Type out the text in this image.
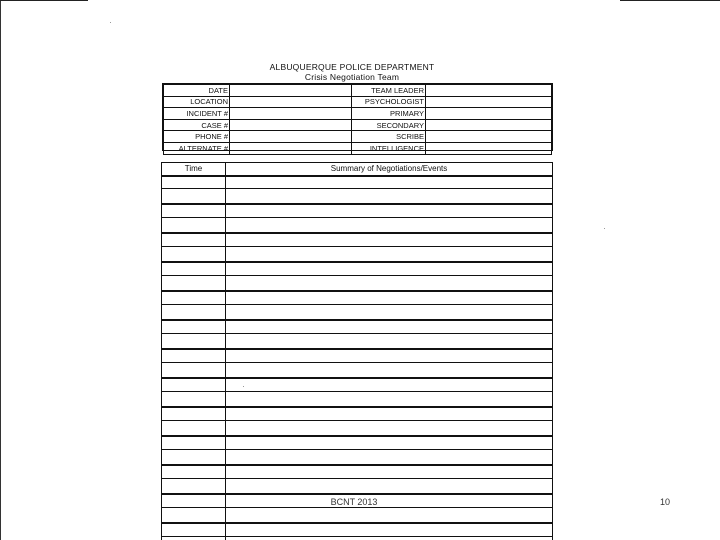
ALBUQUERQUE POLICE DEPARTMENT
Crisis Negotiation Team
DATE		TEAM LEADER	
LOCATION		PSYCHOLOGIST	
INCIDENT #		PRIMARY	
CASE #		SECONDARY	
PHONE #		SCRIBE	
ALTERNATE #		INTELLIGENCE	
Time	Summary of Negotiations/Events
BCNT 2013	10
